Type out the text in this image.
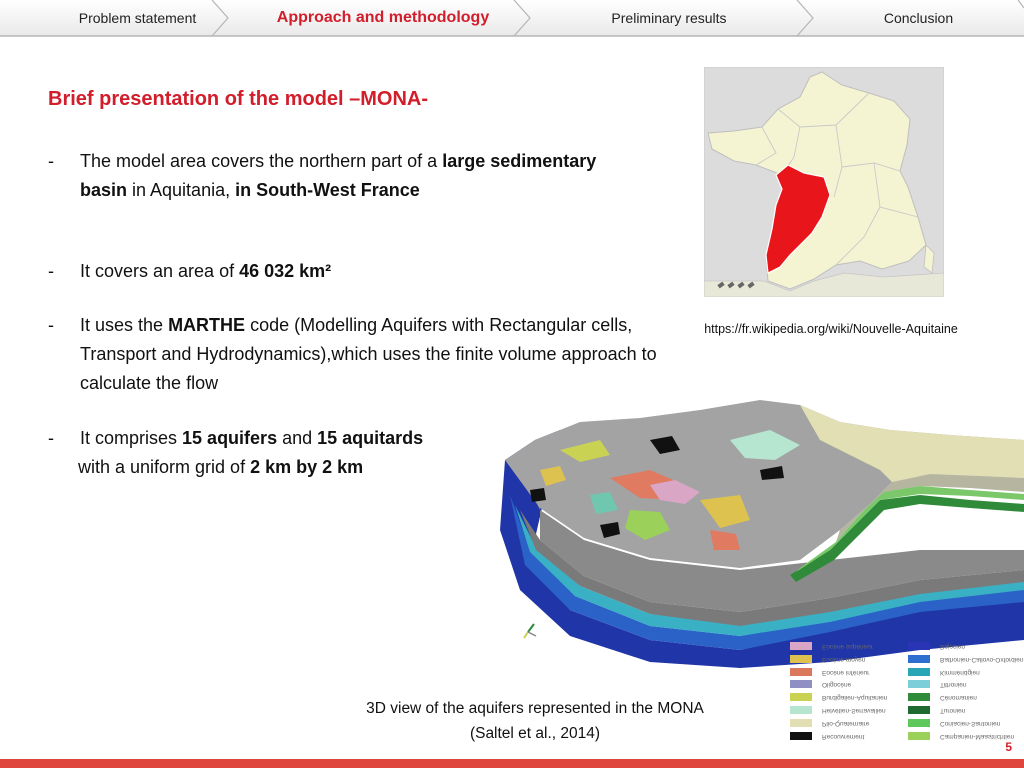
Problem statement	Approach and methodology	Preliminary results	Conclusion
Brief presentation of the model –MONA-
- The model area covers the northern part of a large sedimentary basin in Aquitania, in South-West France
- It covers an area of 46 032 km²
- It uses the MARTHE code (Modelling Aquifers with Rectangular cells, Transport and Hydrodynamics),which uses the finite volume approach to calculate the flow
- It comprises 15 aquifers and 15 aquitards
with a uniform grid of 2 km by 2 km
https://fr.wikipedia.org/wiki/Nouvelle-Aquitaine
Eocène supérieur
Eocène moyen
Eocène inférieur
Oligocène
Burdigalien-Aquitanien
Helvétien-Serravallien
Plio-Quaternaire
Recouvrement
Bajocien
Bathonien-Callovo-Oxfordien
Kimméridgien
Tithonien
Cénomanien
Turonien
Coniacien-Santonien
Campanien-Maastrichtien
3D view of the aquifers represented in the MONA
(Saltel et al., 2014)
5
